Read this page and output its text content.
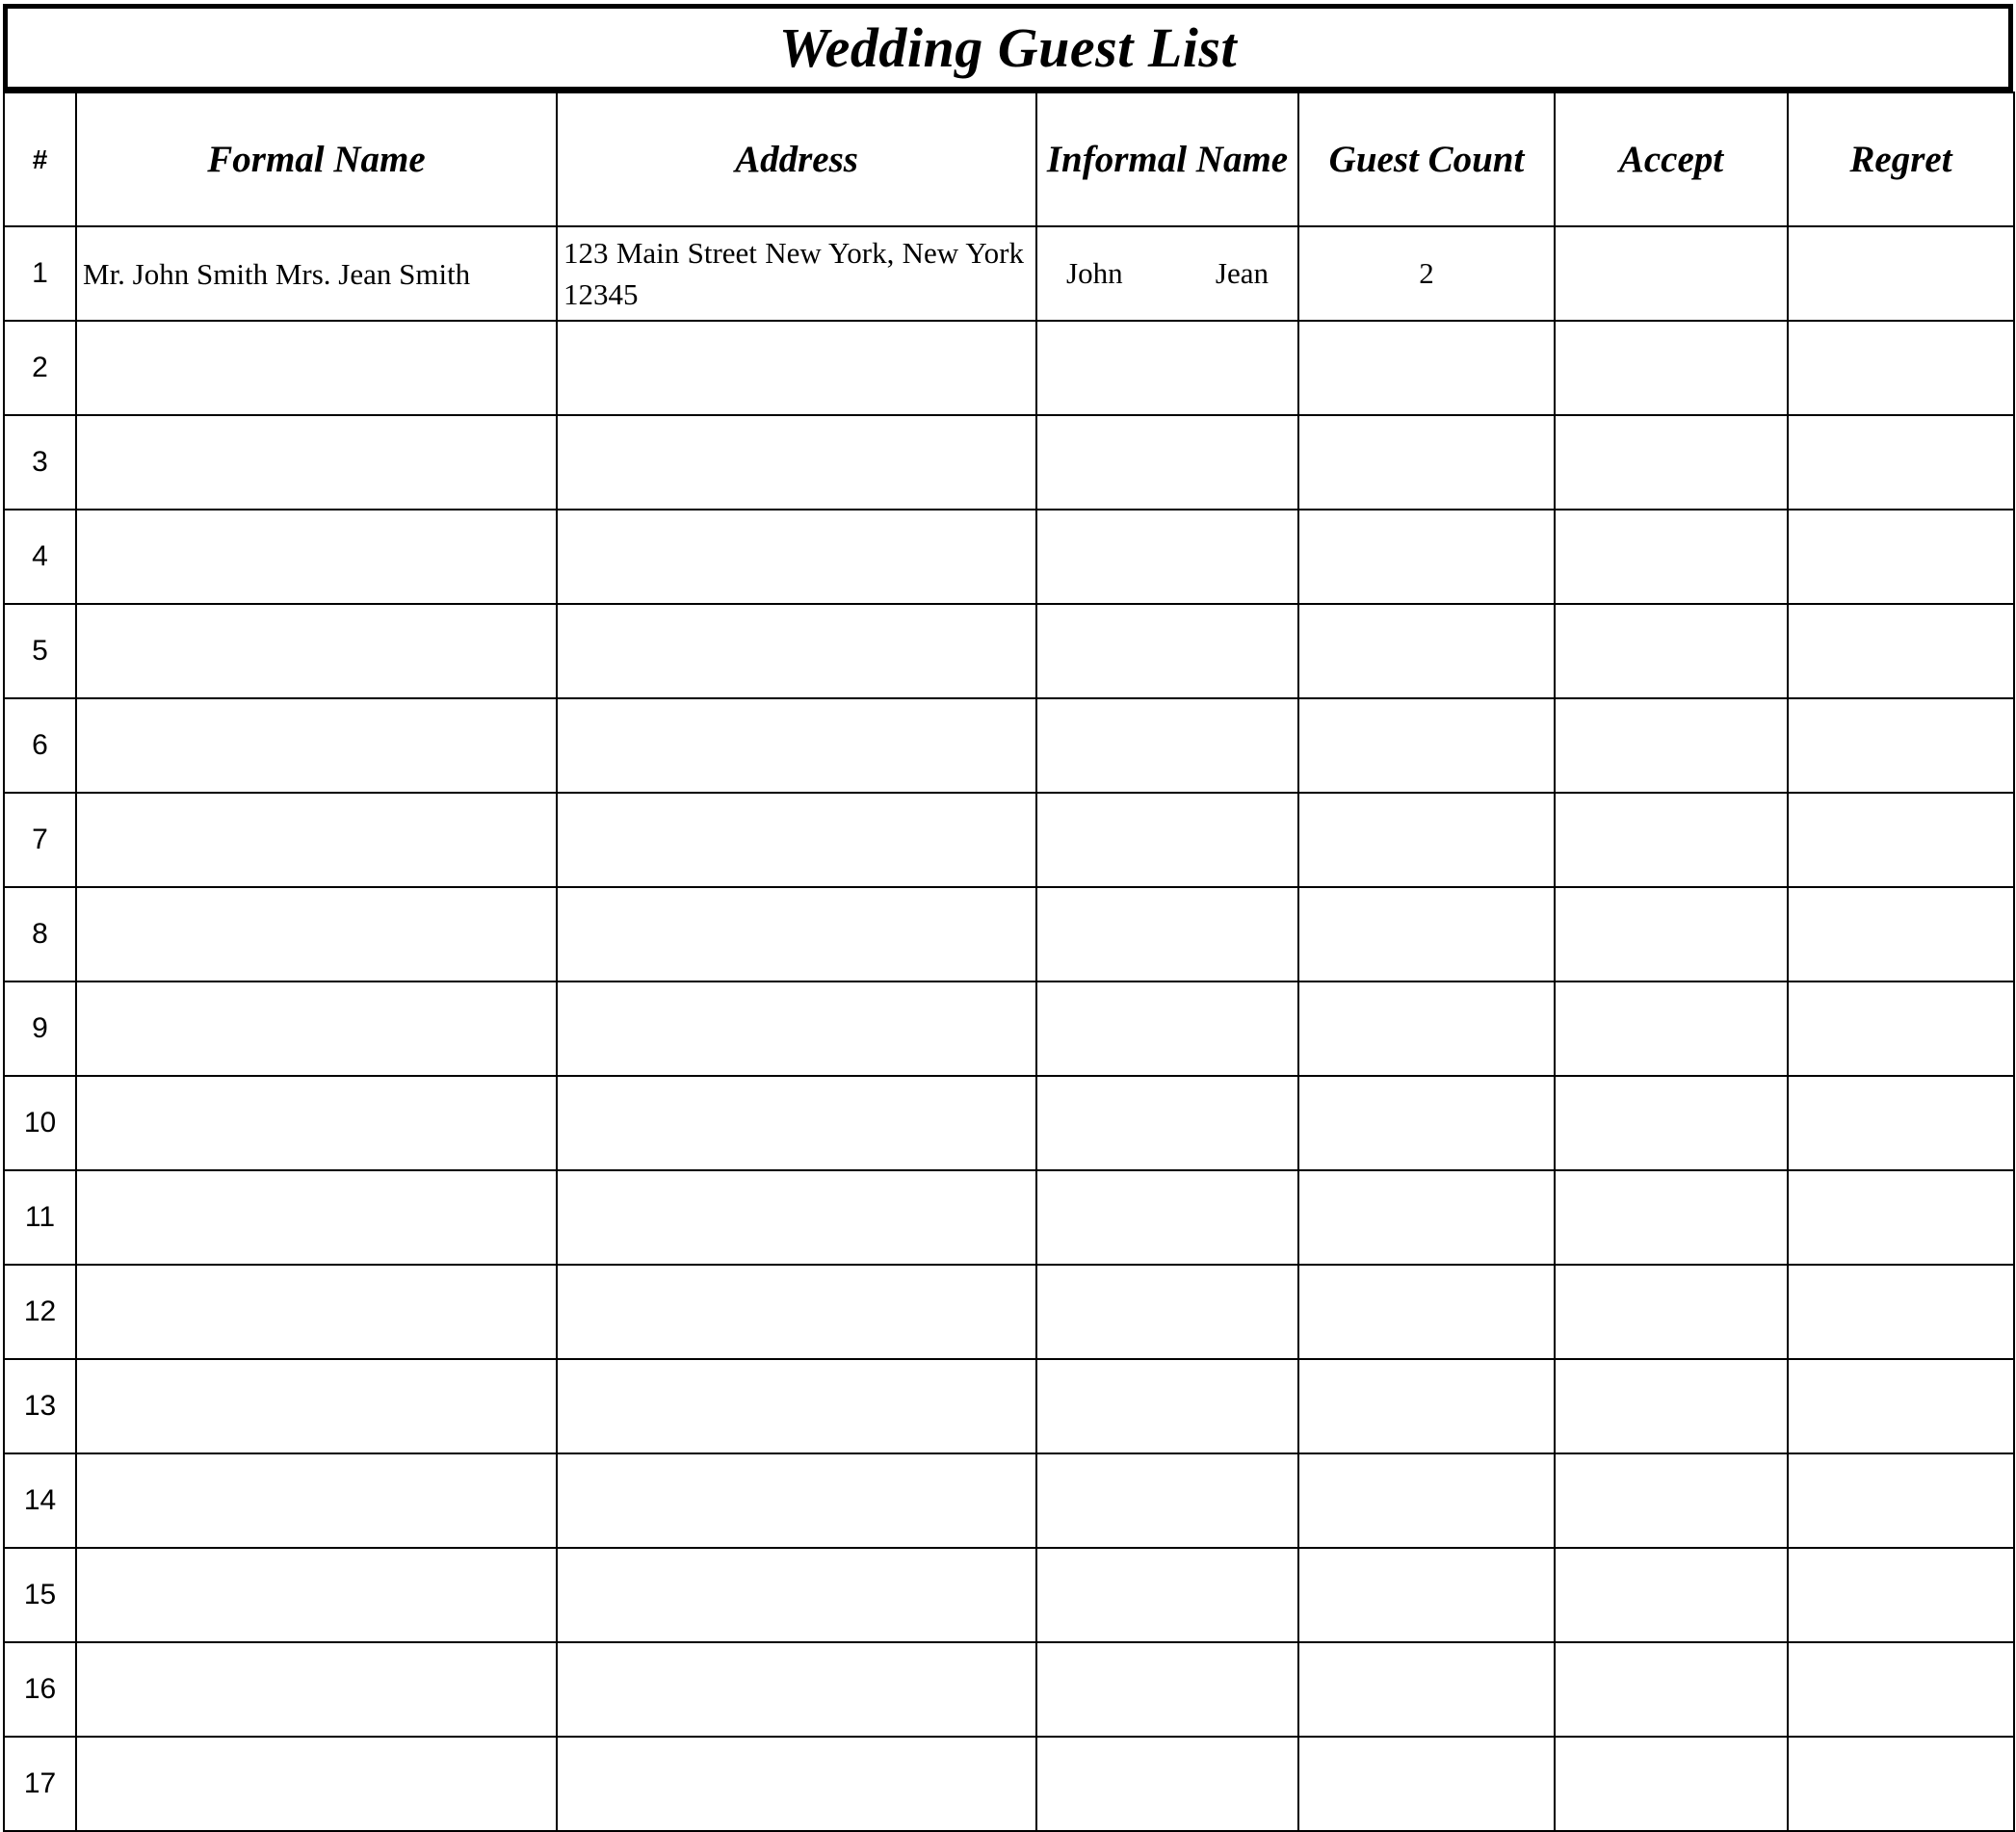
Wedding Guest List
#	Formal Name	Address	Informal Name	Guest Count	Accept	Regret
1	Mr. John Smith Mrs. Jean Smith	123 Main Street New York, New York 12345	John Jean	2		
2			

3			

4			

5			

6			

7			

8			

9			

10			

11			

12			

13			

14			

15			

16			

17			
